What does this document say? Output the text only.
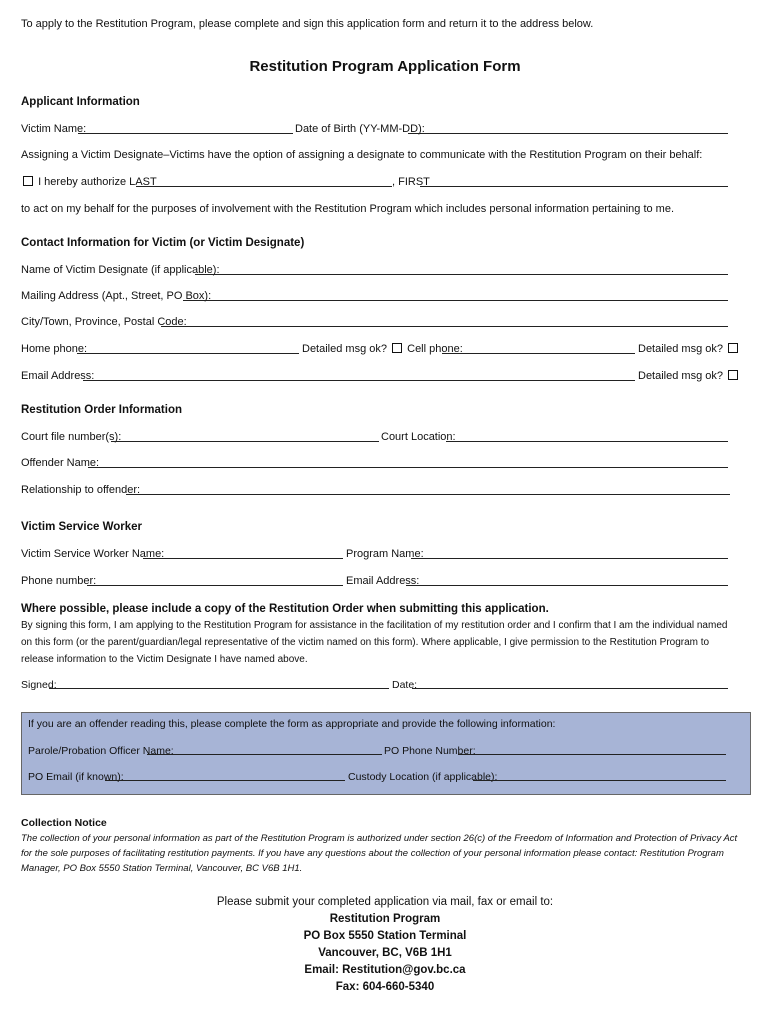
To apply to the Restitution Program, please complete and sign this application form and return it to the address below.
Restitution Program Application Form
Applicant Information
Victim Name:	Date of Birth (YY-MM-DD):
Assigning a Victim Designate–Victims have the option of assigning a designate to communicate with the Restitution Program on their behalf:
I hereby authorize LAST	, FIRST
to act on my behalf for the purposes of involvement with the Restitution Program which includes personal information pertaining to me.
Contact Information for Victim (or Victim Designate)
Name of Victim Designate (if applicable):
Mailing Address (Apt., Street, PO Box):
City/Town, Province, Postal Code:
Home phone:	Detailed msg ok? Cell phone:	Detailed msg ok?
Email Address:	Detailed msg ok?
Restitution Order Information
Court file number(s):	Court Location:
Offender Name:
Relationship to offender:
Victim Service Worker
Victim Service Worker Name:	Program Name:
Phone number:	Email Address:
Where possible, please include a copy of the Restitution Order when submitting this application.
By signing this form, I am applying to the Restitution Program for assistance in the facilitation of my restitution order and I confirm that I am the individual named on this form (or the parent/guardian/legal representative of the victim named on this form). Where applicable, I give permission to the Restitution Program to release information to the Victim Designate I have named above.
Signed:	Date:
If you are an offender reading this, please complete the form as appropriate and provide the following information:
Parole/Probation Officer Name:	PO Phone Number:
PO Email (if known):	Custody Location (if applicable):
Collection Notice
The collection of your personal information as part of the Restitution Program is authorized under section 26(c) of the Freedom of Information and Protection of Privacy Act for the sole purposes of facilitating restitution payments. If you have any questions about the collection of your personal information please contact: Restitution Program Manager, PO Box 5550 Station Terminal, Vancouver, BC V6B 1H1.
Please submit your completed application via mail, fax or email to:
Restitution Program
PO Box 5550 Station Terminal
Vancouver, BC, V6B 1H1
Email: Restitution@gov.bc.ca
Fax: 604-660-5340
